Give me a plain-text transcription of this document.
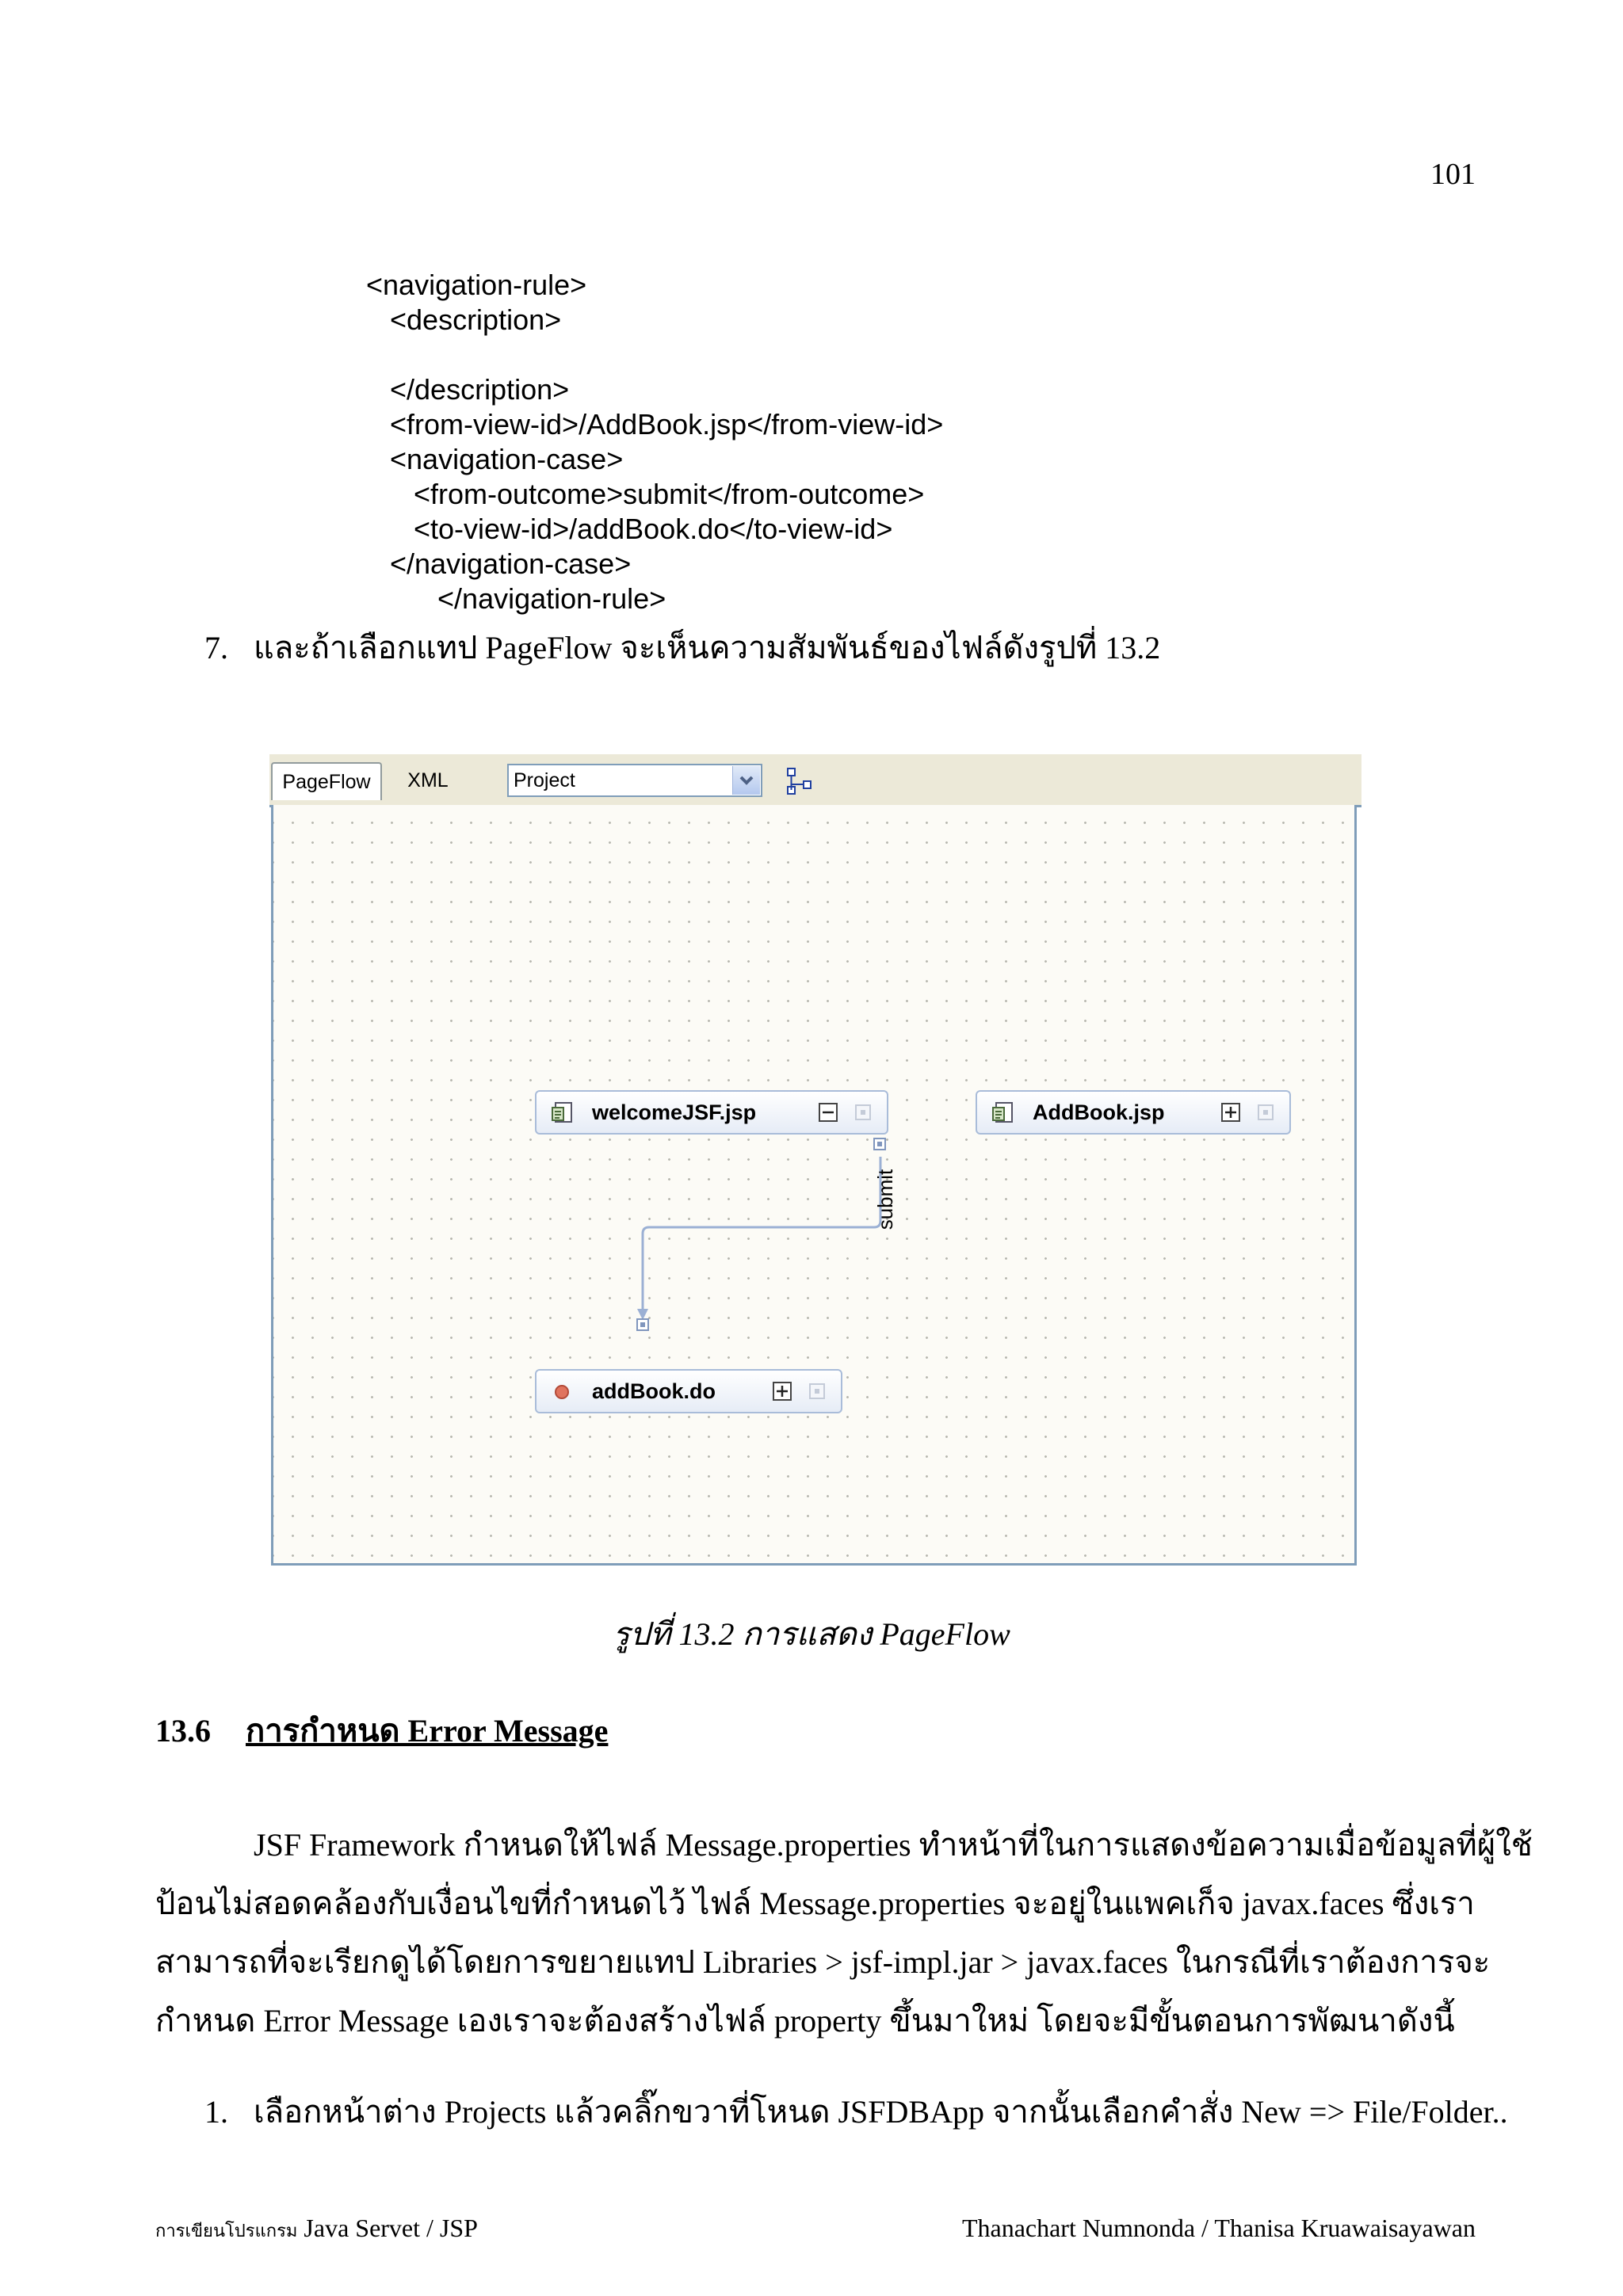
101
<navigation-rule>
<description>
</description>
<from-view-id>/AddBook.jsp</from-view-id>
<navigation-case>
<from-outcome>submit</from-outcome>
<to-view-id>/addBook.do</to-view-id>
</navigation-case>
</navigation-rule>
7. และถ้าเลือกแทป PageFlow จะเห็นความสัมพันธ์ของไฟล์ดังรูปที่ 13.2
PageFlow	XML	Project
submit
welcomeJSF.jsp	AddBook.jsp
addBook.do
รูปที่ 13.2 การแสดง PageFlow
13.6 การกำหนด Error Message
JSF Framework กำหนดให้ไฟล์ Message.properties ทำหน้าที่ในการแสดงข้อความเมื่อข้อมูลที่ผู้ใช้
ป้อนไม่สอดคล้องกับเงื่อนไขที่กำหนดไว้ ไฟล์ Message.properties จะอยู่ในแพคเก็จ javax.faces ซึ่งเรา
สามารถที่จะเรียกดูได้โดยการขยายแทป Libraries > jsf-impl.jar > javax.faces ในกรณีที่เราต้องการจะ
กำหนด Error Message เองเราจะต้องสร้างไฟล์ property ขึ้นมาใหม่ โดยจะมีขั้นตอนการพัฒนาดังนี้
1. เลือกหน้าต่าง Projects แล้วคลิ๊กขวาที่โหนด JSFDBApp จากนั้นเลือกคำสั่ง New => File/Folder..
การเขียนโปรแกรม Java Servet / JSP	Thanachart Numnonda / Thanisa Kruawaisayawan
